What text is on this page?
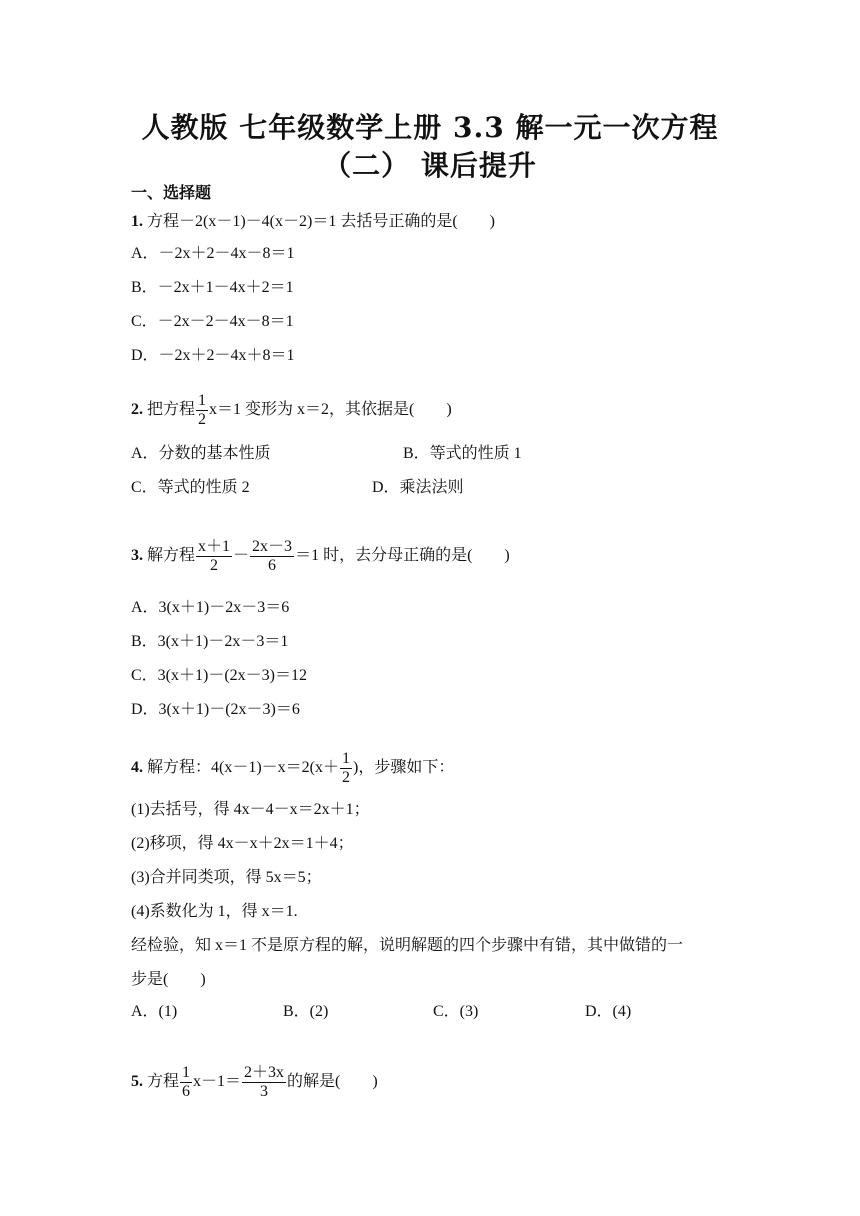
人教版 七年级数学上册 3.3 解一元一次方程
（二） 课后提升
一、选择题
1. 方程－2(x－1)－4(x－2)＝1 去括号正确的是(　　)
A．－2x＋2－4x－8＝1
B．－2x＋1－4x＋2＝1
C．－2x－2－4x－8＝1
D．－2x＋2－4x＋8＝1
2. 把方程 $\frac{1}{2} x=1$ 变形为 x＝2，其依据是(　　)
A．分数的基本性质	B．等式的性质 1
C．等式的性质 2	D．乘法法则
3. 解方程 $\frac{x+1}{2} - \frac{2x-3}{6} =1$ 时，去分母正确的是(　　)
A．3(x＋1)－2x－3＝6
B．3(x＋1)－2x－3＝1
C．3(x＋1)－(2x－3)＝12
D．3(x＋1)－(2x－3)＝6
4. 解方程：$4(x-1)-x=2(x+ \frac{1}{2}$ )，步骤如下：
(1)去括号，得 4x－4－x＝2x＋1；
(2)移项，得 4x－x＋2x＝1＋4；
(3)合并同类项，得 5x＝5；
(4)系数化为 1，得 x＝1.
经检验，知 x＝1 不是原方程的解，说明解题的四个步骤中有错，其中做错的一
步是(　　)
A．(1)	B．(2)	C．(3)	D．(4)
5. 方程 $\frac{1}{6} x-1= \frac{2+3x}{3}$ 的解是(　　)
